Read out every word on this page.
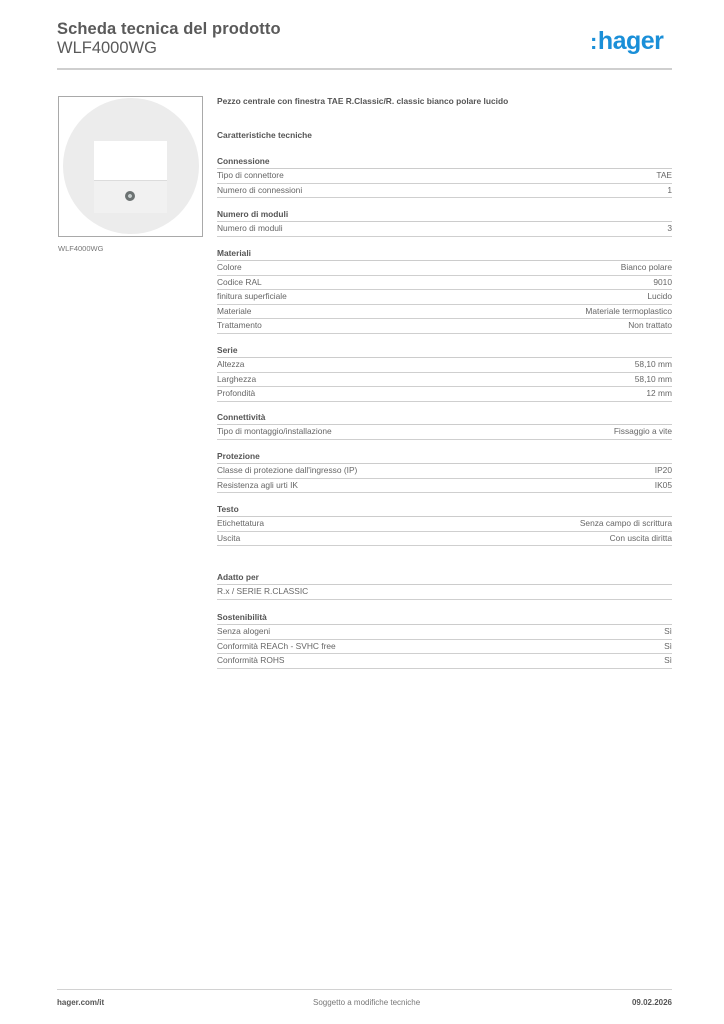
Scheda tecnica del prodotto
WLF4000WG	:hager
WLF4000WG
Pezzo centrale con finestra TAE R.Classic/R. classic bianco polare lucido
Caratteristiche tecniche
Connessione
Tipo di connettore	TAE
Numero di connessioni	1
Numero di moduli
Numero di moduli	3
Materiali
Colore	Bianco polare
Codice RAL	9010
finitura superficiale	Lucido
Materiale	Materiale termoplastico
Trattamento	Non trattato
Serie
Altezza	58,10 mm
Larghezza	58,10 mm
Profondità	12 mm
Connettività
Tipo di montaggio/installazione	Fissaggio a vite
Protezione
Classe di protezione dall'ingresso (IP)	IP20
Resistenza agli urti IK	IK05
Testo
Etichettatura	Senza campo di scrittura
Uscita	Con uscita diritta
Adatto per
R.x / SERIE R.CLASSIC
Sostenibilità
Senza alogeni	Sì
Conformità REACh - SVHC free	Sì
Conformità ROHS	Sì
hager.com/it	Soggetto a modifiche tecniche	09.02.2026
